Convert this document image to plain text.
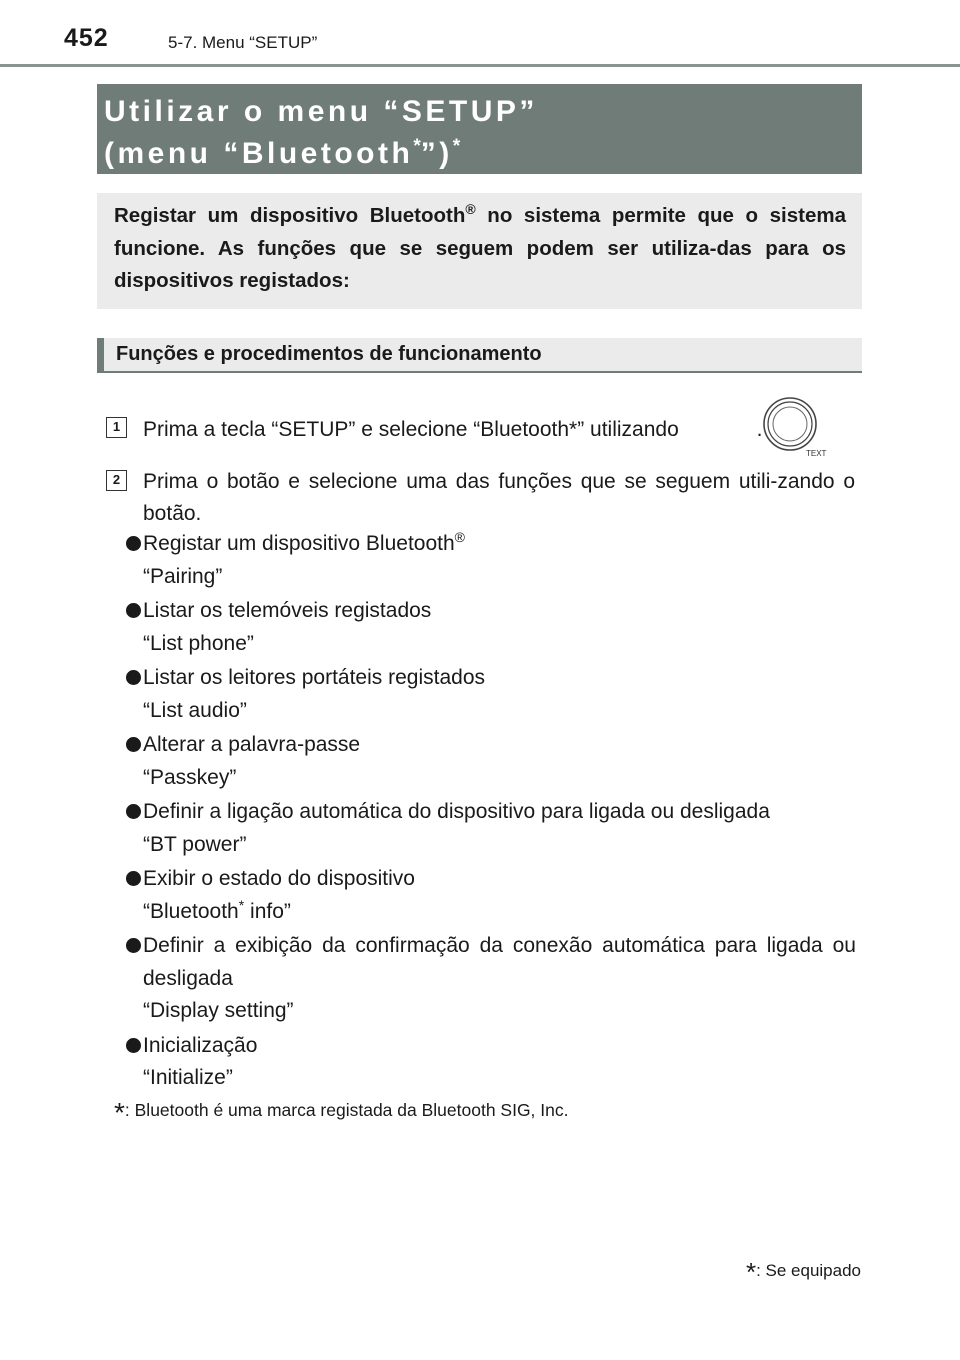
452	5-7. Menu “SETUP”
Utilizar o menu “SETUP”
(menu “Bluetooth*”)*
Registar um dispositivo Bluetooth® no sistema permite que o sistema funcione. As funções que se seguem podem ser utiliza-das para os dispositivos registados:
Funções e procedimentos de funcionamento
1	Prima a tecla “SETUP” e selecione “Bluetooth*” utilizando	.
TEXT
2	Prima o botão e selecione uma das funções que se seguem utili-zando o botão.
Registar um dispositivo Bluetooth®
“Pairing”
Listar os telemóveis registados
“List phone”
Listar os leitores portáteis registados
“List audio”
Alterar a palavra-passe
“Passkey”
Definir a ligação automática do dispositivo para ligada ou desligada
“BT power”
Exibir o estado do dispositivo
“Bluetooth* info”
Definir a exibição da confirmação da conexão automática para ligada ou desligada
“Display setting”
Inicialização
“Initialize”
*: Bluetooth é uma marca registada da Bluetooth SIG, Inc.
*: Se equipado
